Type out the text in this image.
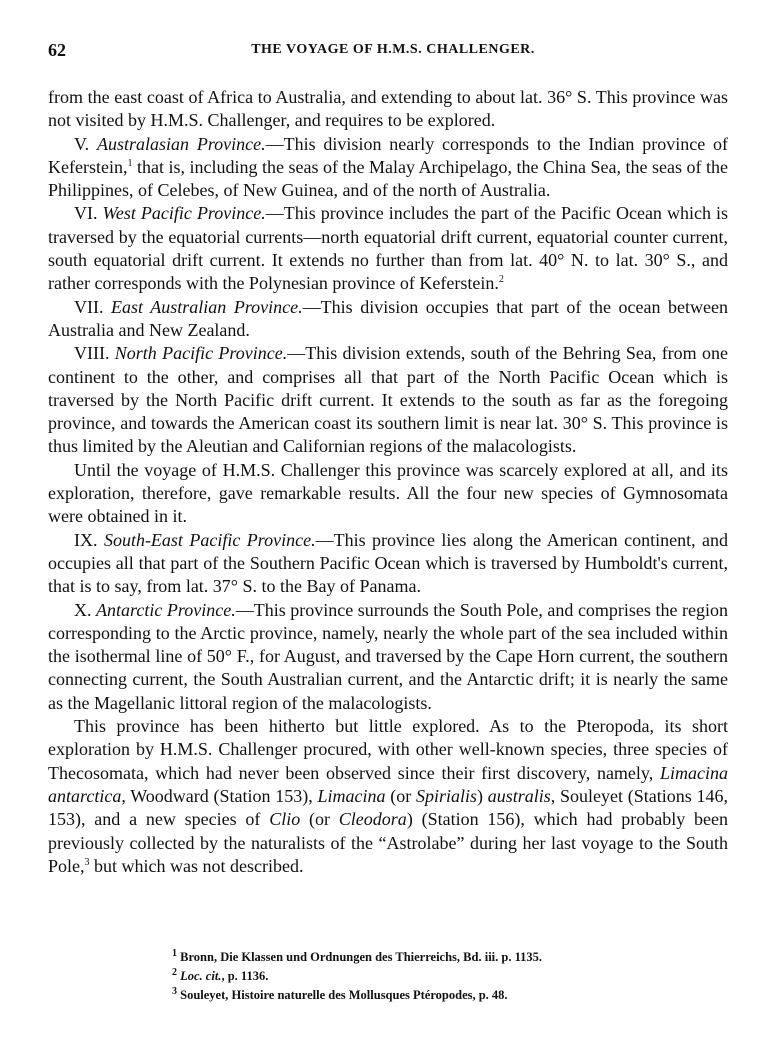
62	THE VOYAGE OF H.M.S. CHALLENGER.

from the east coast of Africa to Australia, and extending to about lat. 36° S. This province was not visited by H.M.S. Challenger, and requires to be explored.

V. Australasian Province.—This division nearly corresponds to the Indian province of Keferstein,$^1$ that is, including the seas of the Malay Archipelago, the China Sea, the seas of the Philippines, of Celebes, of New Guinea, and of the north of Australia.

VI. West Pacific Province.—This province includes the part of the Pacific Ocean which is traversed by the equatorial currents—north equatorial drift current, equatorial counter current, south equatorial drift current. It extends no further than from lat. 40° N. to lat. 30° S., and rather corresponds with the Polynesian province of Keferstein.$^2$

VII. East Australian Province.—This division occupies that part of the ocean between Australia and New Zealand.

VIII. North Pacific Province.—This division extends, south of the Behring Sea, from one continent to the other, and comprises all that part of the North Pacific Ocean which is traversed by the North Pacific drift current. It extends to the south as far as the foregoing province, and towards the American coast its southern limit is near lat. 30° S. This province is thus limited by the Aleutian and Californian regions of the malacologists.

Until the voyage of H.M.S. Challenger this province was scarcely explored at all, and its exploration, therefore, gave remarkable results. All the four new species of Gymnosomata were obtained in it.

IX. South-East Pacific Province.—This province lies along the American continent, and occupies all that part of the Southern Pacific Ocean which is traversed by Humboldt's current, that is to say, from lat. 37° S. to the Bay of Panama.

X. Antarctic Province.—This province surrounds the South Pole, and comprises the region corresponding to the Arctic province, namely, nearly the whole part of the sea included within the isothermal line of 50° F., for August, and traversed by the Cape Horn current, the southern connecting current, the South Australian current, and the Antarctic drift; it is nearly the same as the Magellanic littoral region of the malacologists.

This province has been hitherto but little explored. As to the Pteropoda, its short exploration by H.M.S. Challenger procured, with other well-known species, three species of Thecosomata, which had never been observed since their first discovery, namely, Limacina antarctica, Woodward (Station 153), Limacina (or Spirialis) australis, Souleyet (Stations 146, 153), and a new species of Clio (or Cleodora) (Station 156), which had probably been previously collected by the naturalists of the “Astrolabe” during her last voyage to the South Pole,$^3$ but which was not described.

$^1$ Bronn, Die Klassen und Ordnungen des Thierreichs, Bd. iii. p. 1135.
$^2$ Loc. cit., p. 1136.
$^3$ Souleyet, Histoire naturelle des Mollusques Ptéropodes, p. 48.
